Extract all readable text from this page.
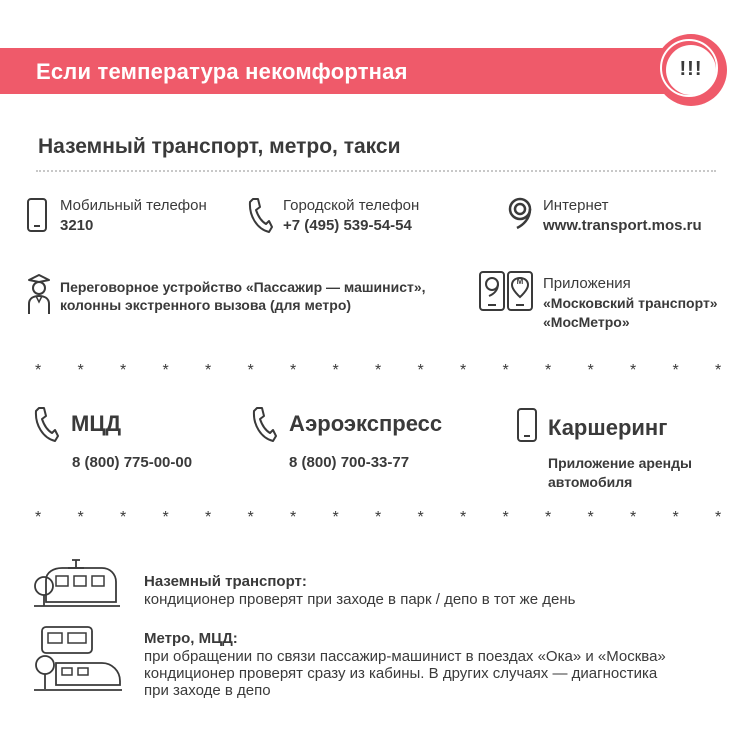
Если температура некомфортная	!!!
Наземный транспорт, метро, такси
Мобильный телефон
3210
Городской телефон
+7 (495) 539-54-54
Интернет
www.transport.mos.ru
Переговорное устройство «Пассажир — машинист»,
колонны экстренного вызова (для метро)
М Приложения
«Московский транспорт»
«МосМетро»
* * * * * * * * * * * * * * * * *
МЦД
8 (800) 775-00-00
Аэроэкспресс
8 (800) 700-33-77
Каршеринг
Приложение аренды
автомобиля
* * * * * * * * * * * * * * * * *
Наземный транспорт:
кондиционер проверят при заходе в парк / депо в тот же день
Метро, МЦД:
при обращении по связи пассажир-машинист в поездах «Ока» и «Москва»
кондиционер проверят сразу из кабины. В других случаях — диагностика
при заходе в депо
